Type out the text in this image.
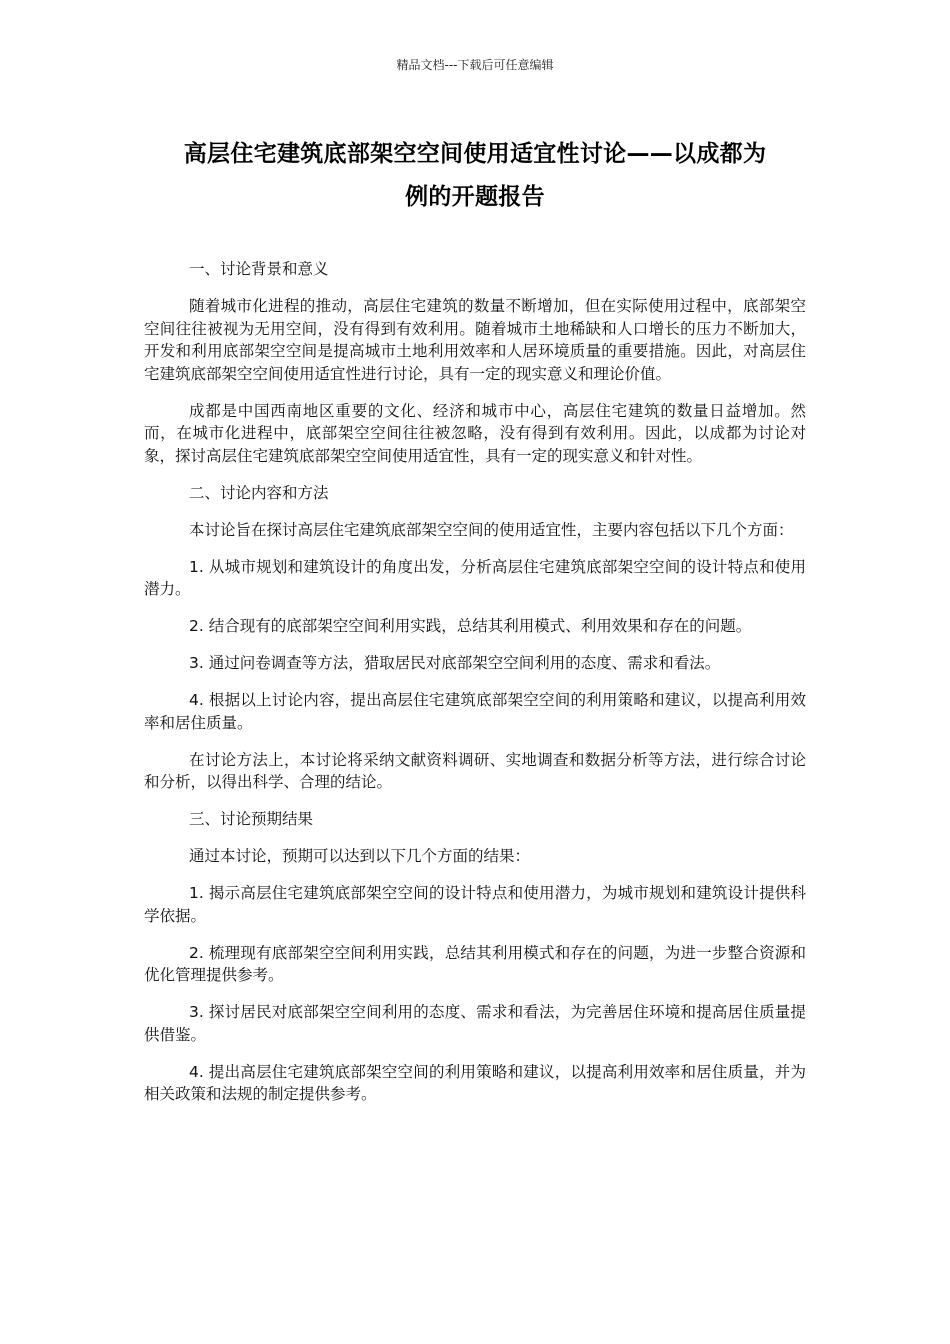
精品文档---下载后可任意编辑
高层住宅建筑底部架空空间使用适宜性讨论——以成都为
例的开题报告

一、讨论背景和意义

随着城市化进程的推动，高层住宅建筑的数量不断增加，但在实际使用过程中，底部架空空间往往被视为无用空间，没有得到有效利用。随着城市土地稀缺和人口增长的压力不断加大，开发和利用底部架空空间是提高城市土地利用效率和人居环境质量的重要措施。因此，对高层住宅建筑底部架空空间使用适宜性进行讨论，具有一定的现实意义和理论价值。

成都是中国西南地区重要的文化、经济和城市中心，高层住宅建筑的数量日益增加。然而，在城市化进程中，底部架空空间往往被忽略，没有得到有效利用。因此，以成都为讨论对象，探讨高层住宅建筑底部架空空间使用适宜性，具有一定的现实意义和针对性。

二、讨论内容和方法

本讨论旨在探讨高层住宅建筑底部架空空间的使用适宜性，主要内容包括以下几个方面：

1. 从城市规划和建筑设计的角度出发，分析高层住宅建筑底部架空空间的设计特点和使用潜力。

2. 结合现有的底部架空空间利用实践，总结其利用模式、利用效果和存在的问题。

3. 通过问卷调查等方法，猎取居民对底部架空空间利用的态度、需求和看法。

4. 根据以上讨论内容，提出高层住宅建筑底部架空空间的利用策略和建议，以提高利用效率和居住质量。

在讨论方法上，本讨论将采纳文献资料调研、实地调查和数据分析等方法，进行综合讨论和分析，以得出科学、合理的结论。

三、讨论预期结果

通过本讨论，预期可以达到以下几个方面的结果：

1. 揭示高层住宅建筑底部架空空间的设计特点和使用潜力，为城市规划和建筑设计提供科学依据。

2. 梳理现有底部架空空间利用实践，总结其利用模式和存在的问题，为进一步整合资源和优化管理提供参考。

3. 探讨居民对底部架空空间利用的态度、需求和看法，为完善居住环境和提高居住质量提供借鉴。

4. 提出高层住宅建筑底部架空空间的利用策略和建议，以提高利用效率和居住质量，并为相关政策和法规的制定提供参考。
